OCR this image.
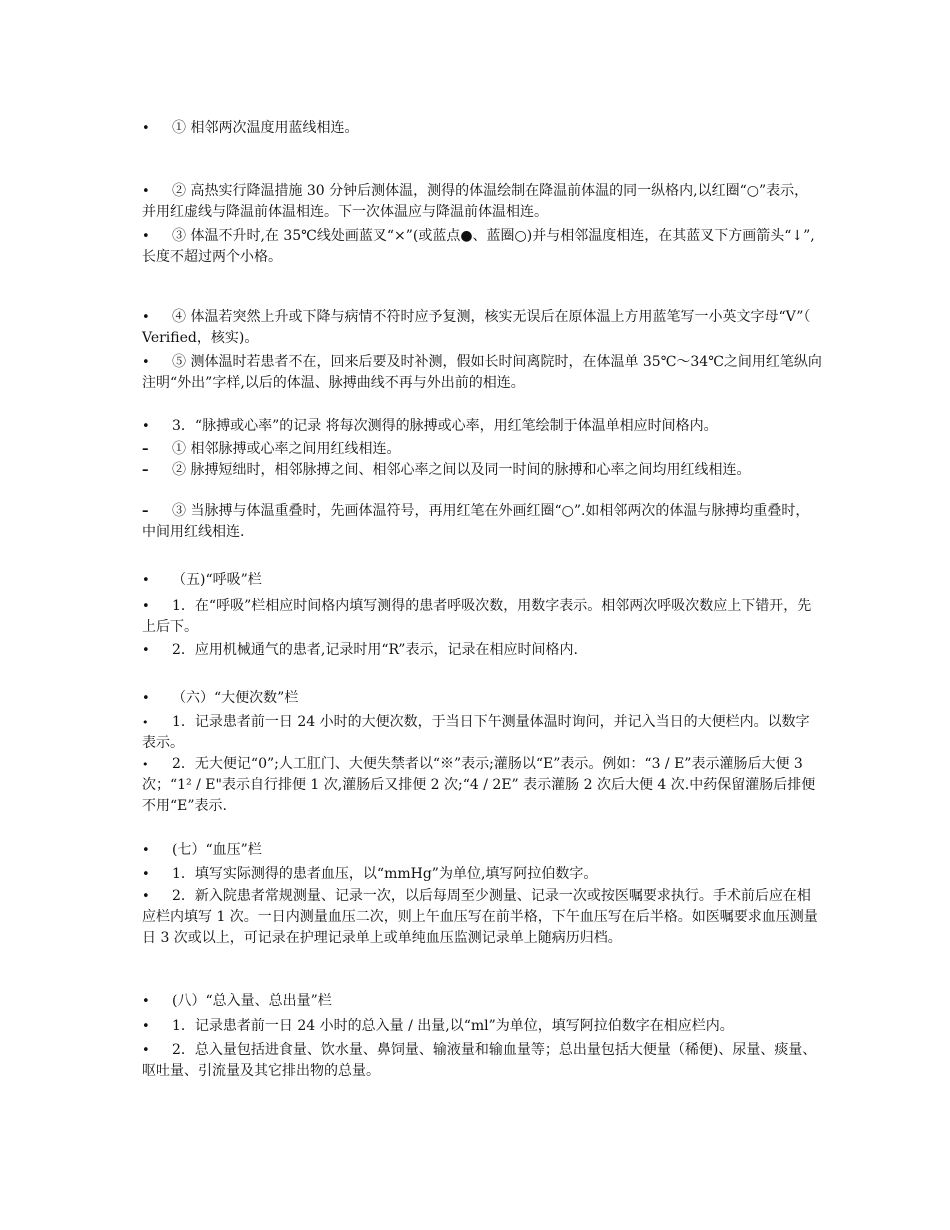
• ① 相邻两次温度用蓝线相连。
• ② 高热实行降温措施 30 分钟后测体温，测得的体温绘制在降温前体温的同一纵格内,以红圈“○”表示，并用红虚线与降温前体温相连。下一次体温应与降温前体温相连。
• ③ 体温不升时,在 35℃线处画蓝叉“×”(或蓝点●、蓝圈○)并与相邻温度相连，在其蓝叉下方画箭头“↓”,长度不超过两个小格。
• ④ 体温若突然上升或下降与病情不符时应予复测，核实无误后在原体温上方用蓝笔写一小英文字母“V”（ Verified，核实)。
• ⑤ 测体温时若患者不在，回来后要及时补测，假如长时间离院时，在体温单 35℃～34℃之间用红笔纵向注明“外出”字样,以后的体温、脉搏曲线不再与外出前的相连。
• 3．“脉搏或心率”的记录 将每次测得的脉搏或心率，用红笔绘制于体温单相应时间格内。
– ① 相邻脉搏或心率之间用红线相连。
– ② 脉搏短绌时，相邻脉搏之间、相邻心率之间以及同一时间的脉搏和心率之间均用红线相连。
– ③ 当脉搏与体温重叠时，先画体温符号，再用红笔在外画红圈“○”.如相邻两次的体温与脉搏均重叠时，中间用红线相连.
• （五)“呼吸”栏
• 1．在“呼吸”栏相应时间格内填写测得的患者呼吸次数，用数字表示。相邻两次呼吸次数应上下错开，先上后下。
• 2．应用机械通气的患者,记录时用“R”表示，记录在相应时间格内.
• （六）“大便次数”栏
• 1．记录患者前一日 24 小时的大便次数，于当日下午测量体温时询问，并记入当日的大便栏内。以数字表示。
• 2．无大便记“0”;人工肛门、大便失禁者以“※”表示;灌肠以“E”表示。例如：“3 / E”表示灌肠后大便 3 次；“1² / E"表示自行排便 1 次,灌肠后又排便 2 次;“4 / 2E” 表示灌肠 2 次后大便 4 次.中药保留灌肠后排便不用“E”表示.
• (七）“血压”栏
• 1．填写实际测得的患者血压，以“mmHg”为单位,填写阿拉伯数字。
• 2．新入院患者常规测量、记录一次，以后每周至少测量、记录一次或按医嘱要求执行。手术前后应在相应栏内填写 1 次。一日内测量血压二次，则上午血压写在前半格，下午血压写在后半格。如医嘱要求血压测量日 3 次或以上，可记录在护理记录单上或单纯血压监测记录单上随病历归档。
• (八）“总入量、总出量”栏
• 1．记录患者前一日 24 小时的总入量 / 出量,以“ml”为单位，填写阿拉伯数字在相应栏内。
• 2．总入量包括进食量、饮水量、鼻饲量、输液量和输血量等；总出量包括大便量（稀便)、尿量、痰量、呕吐量、引流量及其它排出物的总量。
